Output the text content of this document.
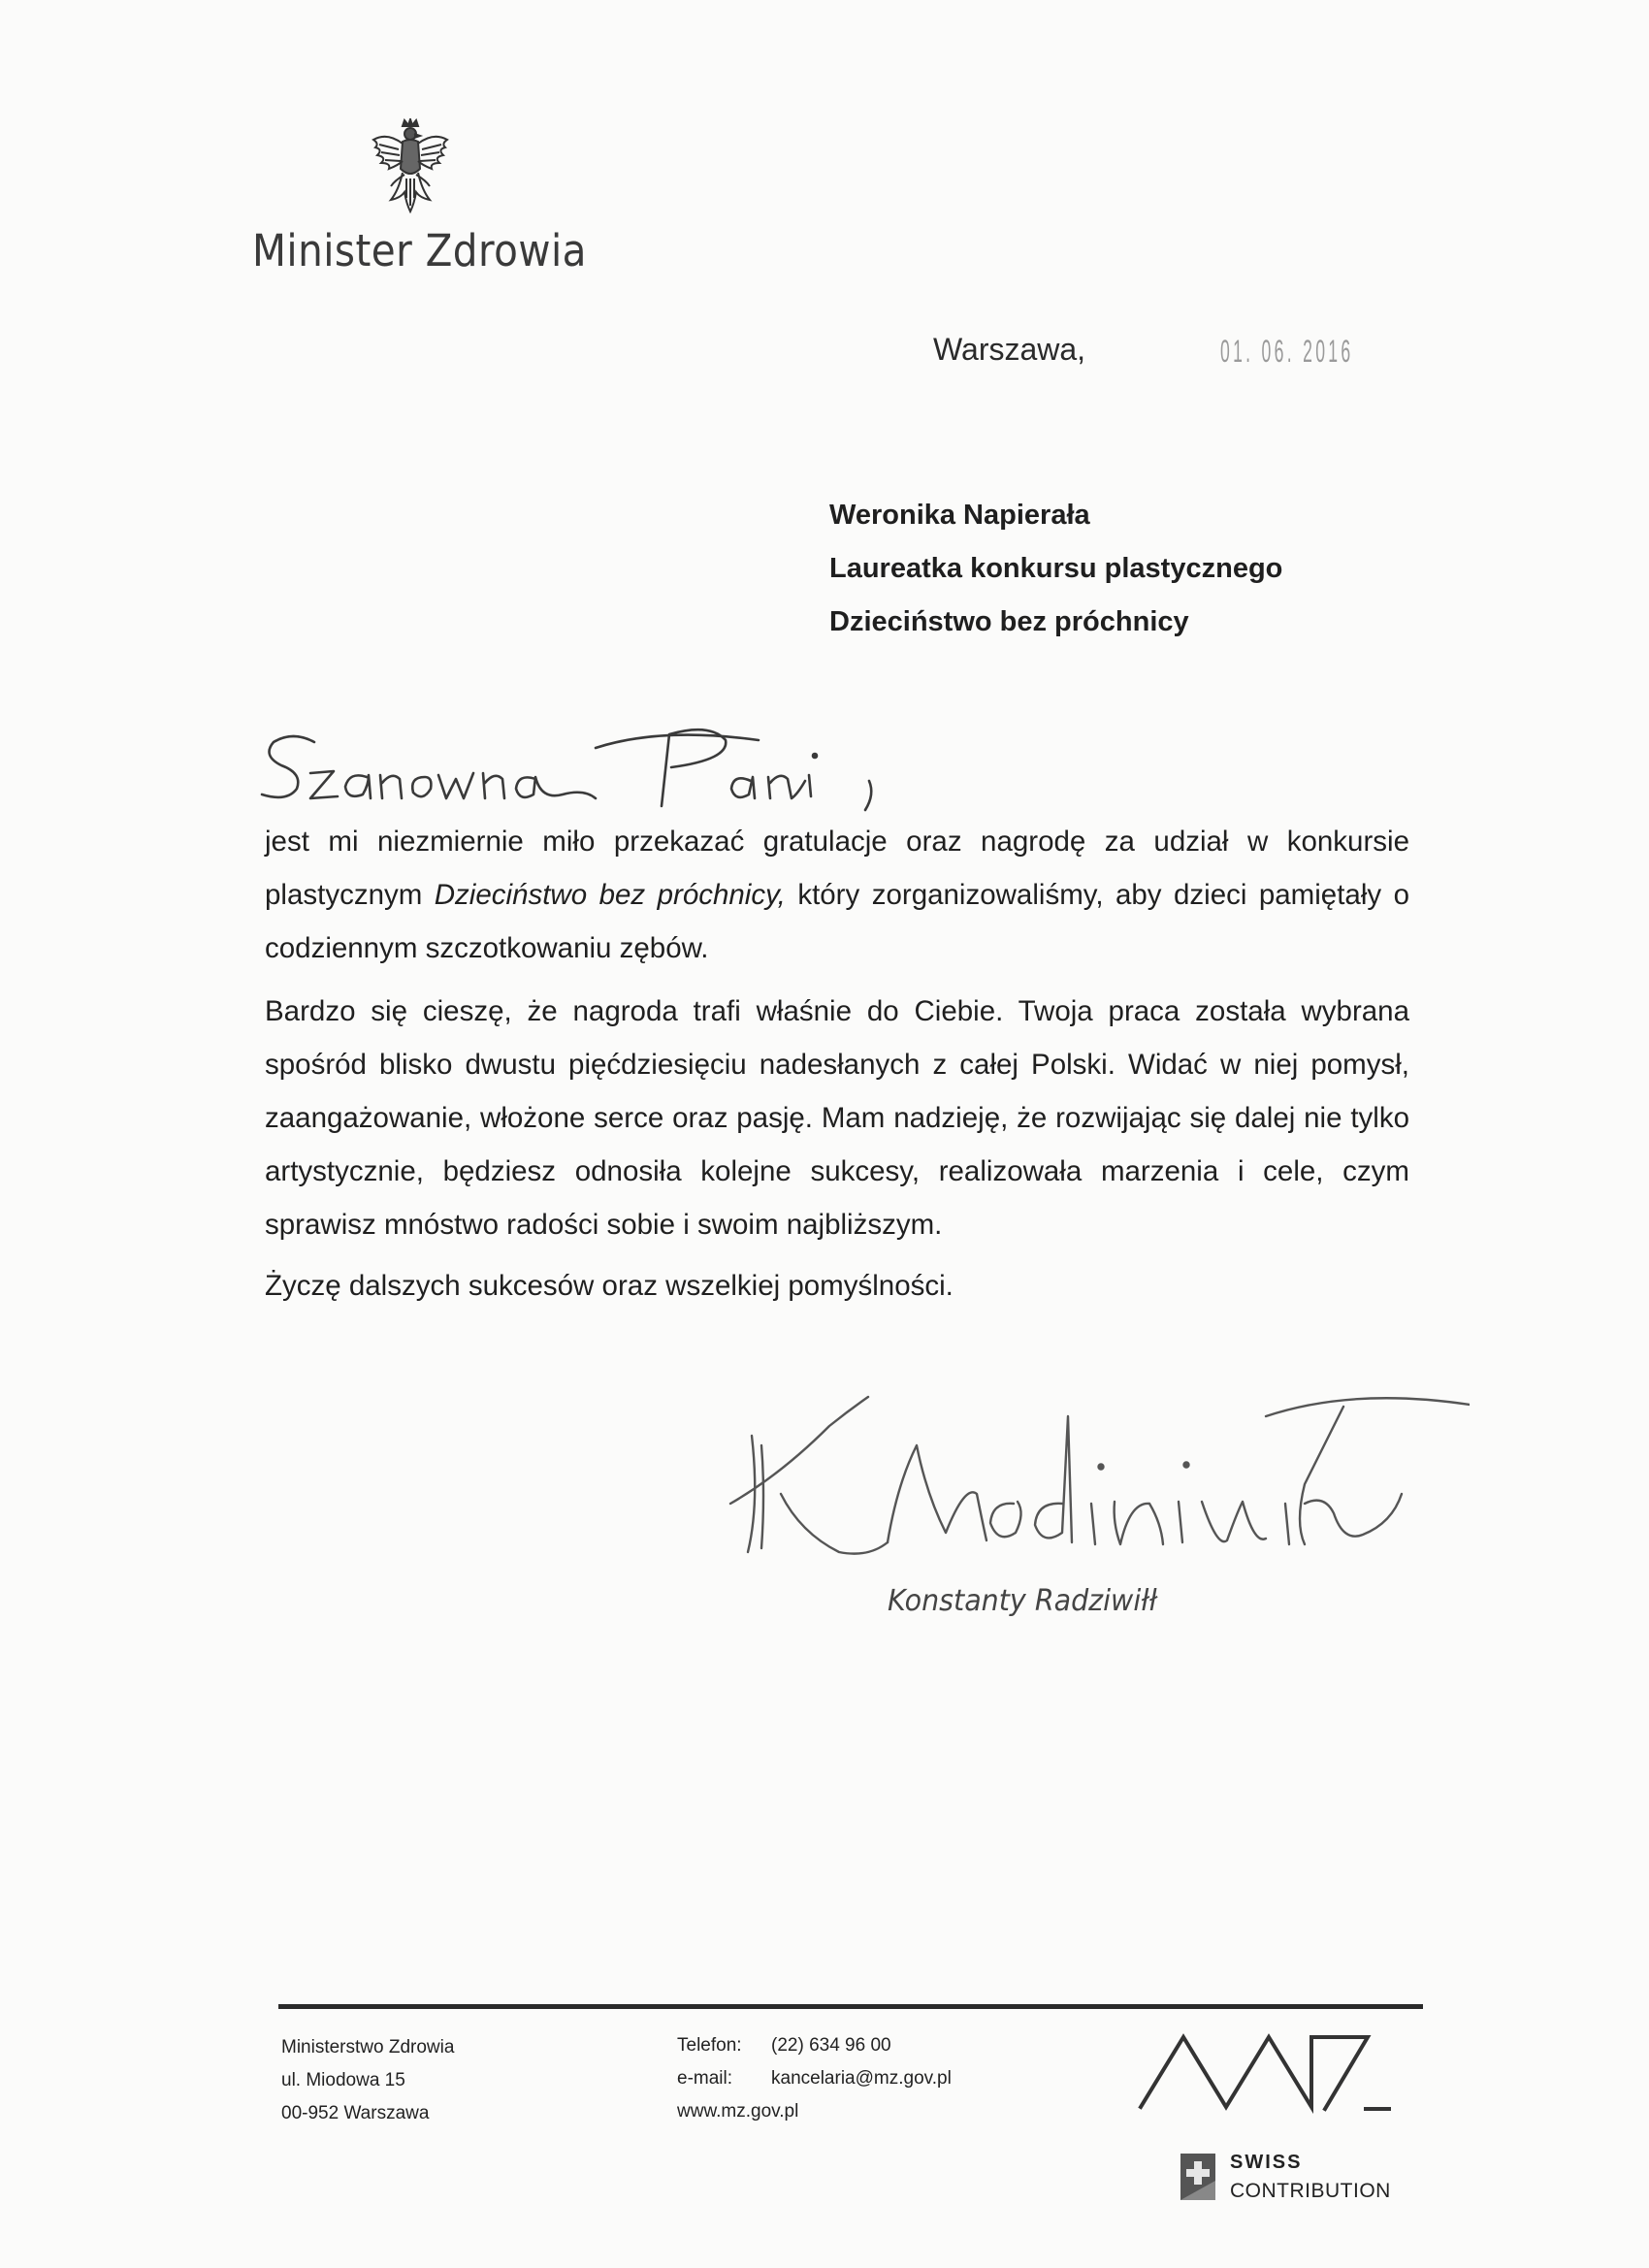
Minister Zdrowia
Warszawa,	01. 06. 2016
Weronika Napierała
Laureatka konkursu plastycznego
Dzieciństwo bez próchnicy
jest mi niezmiernie miło przekazać gratulacje oraz nagrodę za udział w konkursie plastycznym Dzieciństwo bez próchnicy, który zorganizowaliśmy, aby dzieci pamiętały o codziennym szczotkowaniu zębów.
Bardzo się cieszę, że nagroda trafi właśnie do Ciebie. Twoja praca została wybrana spośród blisko dwustu pięćdziesięciu nadesłanych z całej Polski. Widać w niej pomysł, zaangażowanie, włożone serce oraz pasję. Mam nadzieję, że rozwijając się dalej nie tylko artystycznie, będziesz odnosiła kolejne sukcesy, realizowała marzenia i cele, czym sprawisz mnóstwo radości sobie i swoim najbliższym.
Życzę dalszych sukcesów oraz wszelkiej pomyślności.
Konstanty Radziwiłł
Ministerstwo Zdrowia
ul. Miodowa 15
00-952 Warszawa
Telefon: (22) 634 96 00
e-mail: kancelaria@mz.gov.pl
www.mz.gov.pl
SWISS
CONTRIBUTION
